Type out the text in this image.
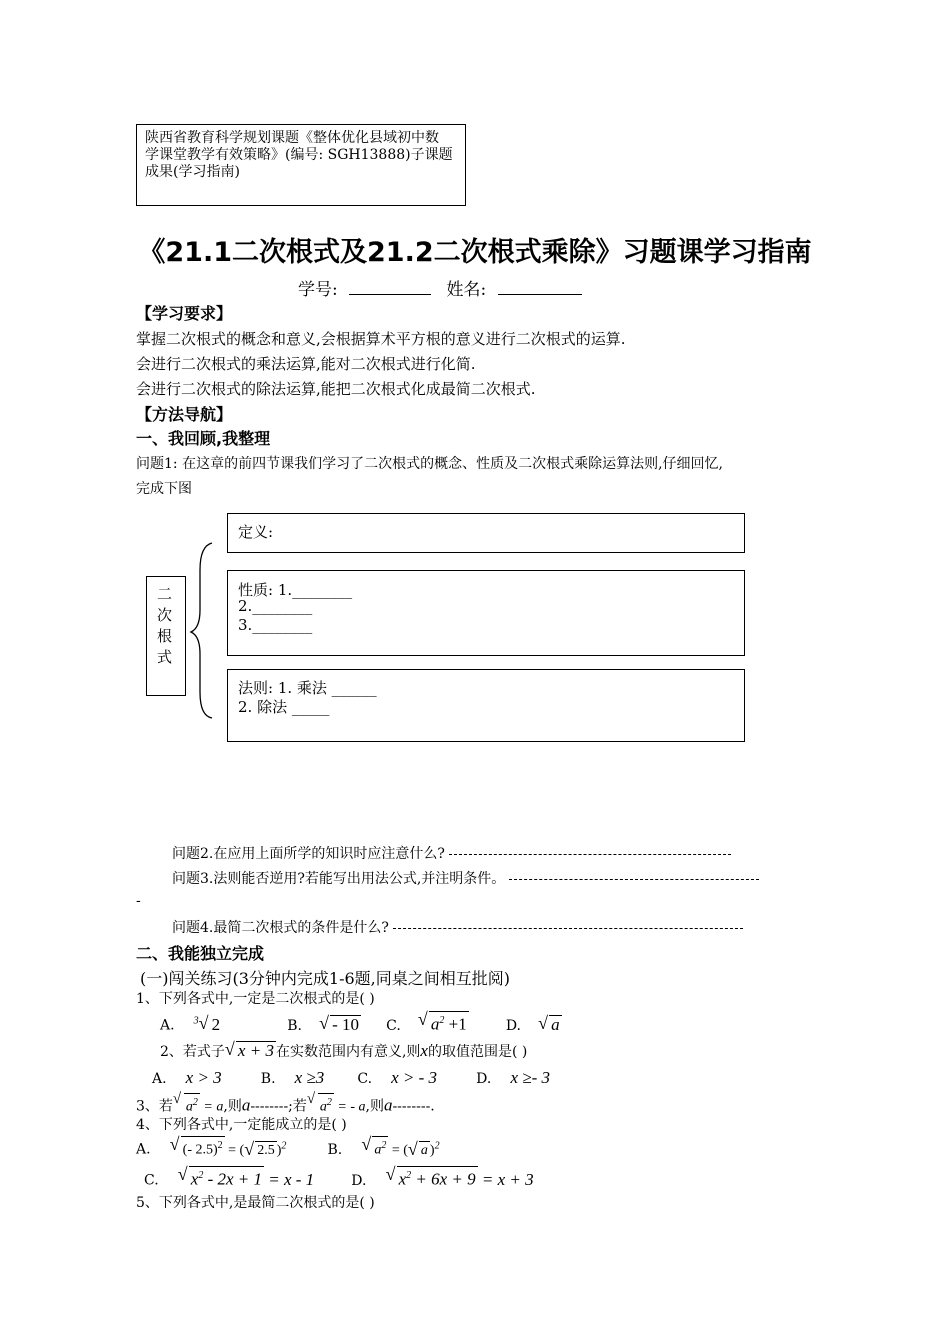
陕西省教育科学规划课题《整体优化县域初中数
学课堂教学有效策略》(编号: SGH13888)子课题
成果(学习指南)
《21.1二次根式及21.2二次根式乘除》习题课学习指南
学号:	姓名:
【学习要求】
掌握二次根式的概念和意义,会根据算术平方根的意义进行二次根式的运算.
会进行二次根式的乘法运算,能对二次根式进行化简.
会进行二次根式的除法运算,能把二次根式化成最简二次根式.
【方法导航】
一、我回顾,我整理
问题1: 在这章的前四节课我们学习了二次根式的概念、性质及二次根式乘除运算法则,仔细回忆,
完成下图
二
次
根
式
定义:
性质: 1.________
2.________
3.________
法则: 1. 乘法 ______
2. 除法 _____
问题2.在应用上面所学的知识时应注意什么?
问题3.法则能否逆用?若能写出用法公式,并注明条件。
-
问题4.最简二次根式的条件是什么?
二、我能独立完成
(一)闯关练习(3分钟内完成1-6题,同桌之间相互批阅)
1、下列各式中,一定是二次根式的是( )
A. $^3$ √ 2	B. √ - 10 C. √ $a^2 +1$	D. √ a
2、若式子 √ x + 3 在实数范围内有意义,则x的取值范围是( )
A. x > 3	B. x ≥3 C. x > - 3	D. x ≥- 3
3、若 √
$a^2 = a$,则a--------;若 √
$a^2$ = - a,则a--------.
4、下列各式中,一定能成立的是( )
A. √ (- 2.5)$^2$ = ( √ 2.5 )$^2$	B. √ $a^2$ = ( √ a )$^2$
C. √ $x^2 - 2x + 1 = x - 1$	D. √ $x^2 + 6x + 9 = x + 3$
5、下列各式中,是最简二次根式的是( )
